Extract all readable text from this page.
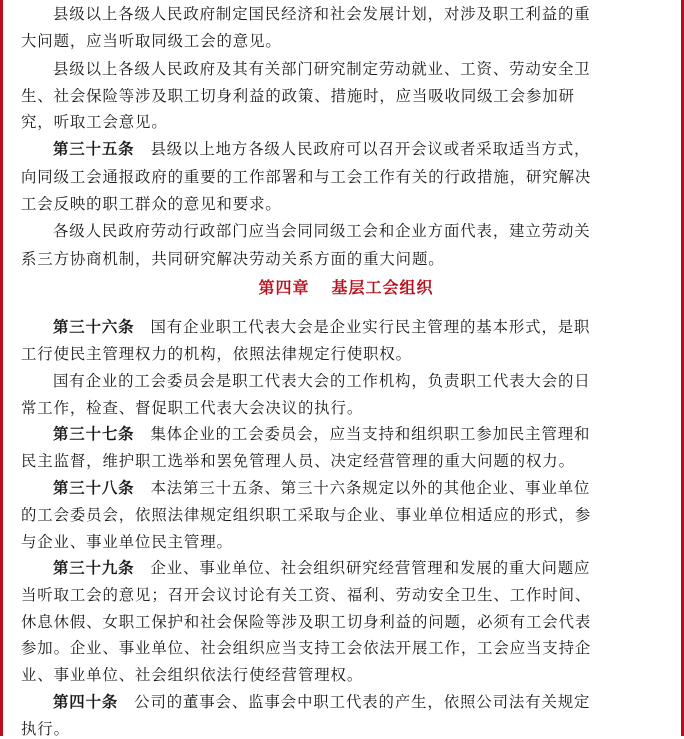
县级以上各级人民政府制定国民经济和社会发展计划，对涉及职工利益的重
大问题，应当听取同级工会的意见。
县级以上各级人民政府及其有关部门研究制定劳动就业、工资、劳动安全卫
生、社会保险等涉及职工切身利益的政策、措施时，应当吸收同级工会参加研
究，听取工会意见。
第三十五条 县级以上地方各级人民政府可以召开会议或者采取适当方式，
向同级工会通报政府的重要的工作部署和与工会工作有关的行政措施，研究解决
工会反映的职工群众的意见和要求。
各级人民政府劳动行政部门应当会同同级工会和企业方面代表，建立劳动关
系三方协商机制，共同研究解决劳动关系方面的重大问题。
第四章 基层工会组织
第三十六条 国有企业职工代表大会是企业实行民主管理的基本形式，是职
工行使民主管理权力的机构，依照法律规定行使职权。
国有企业的工会委员会是职工代表大会的工作机构，负责职工代表大会的日
常工作，检查、督促职工代表大会决议的执行。
第三十七条 集体企业的工会委员会，应当支持和组织职工参加民主管理和
民主监督，维护职工选举和罢免管理人员、决定经营管理的重大问题的权力。
第三十八条 本法第三十五条、第三十六条规定以外的其他企业、事业单位
的工会委员会，依照法律规定组织职工采取与企业、事业单位相适应的形式，参
与企业、事业单位民主管理。
第三十九条 企业、事业单位、社会组织研究经营管理和发展的重大问题应
当听取工会的意见；召开会议讨论有关工资、福利、劳动安全卫生、工作时间、
休息休假、女职工保护和社会保险等涉及职工切身利益的问题，必须有工会代表
参加。企业、事业单位、社会组织应当支持工会依法开展工作，工会应当支持企
业、事业单位、社会组织依法行使经营管理权。
第四十条 公司的董事会、监事会中职工代表的产生，依照公司法有关规定
执行。
